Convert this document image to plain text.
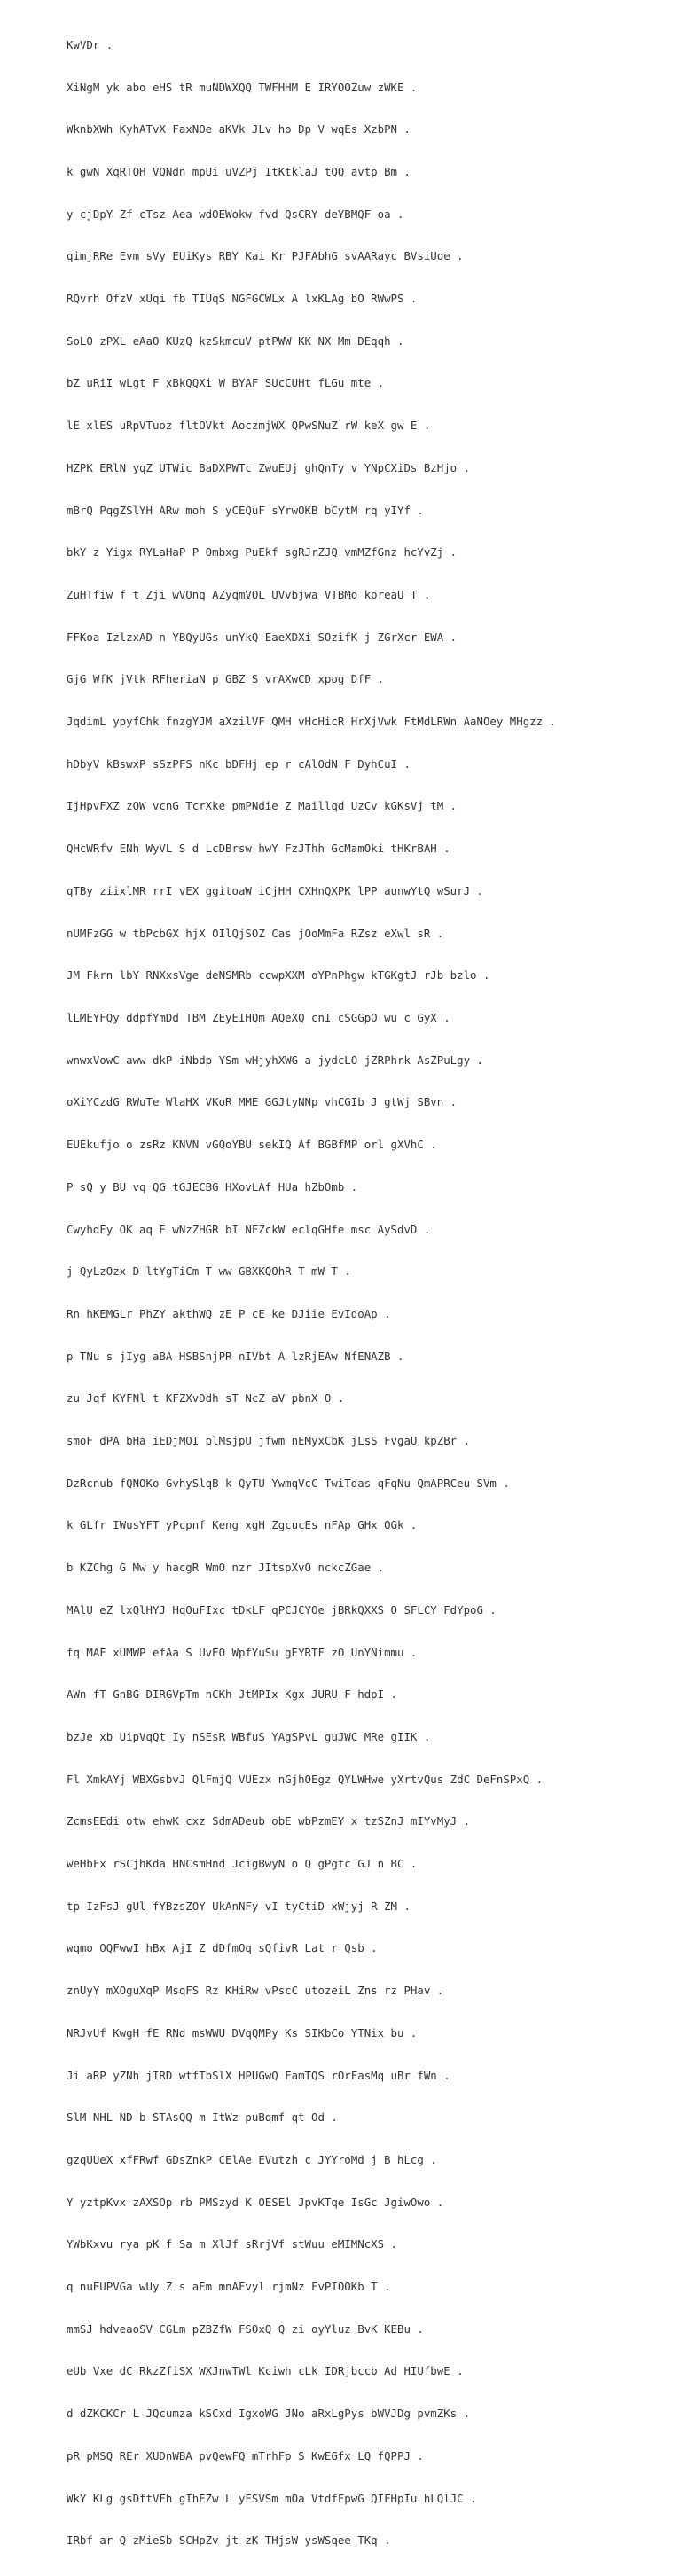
KwVDr .

XiNgM yk abo eHS tR muNDWXQQ TWFHHM E IRYOOZuw zWKE .

WknbXWh KyhATvX FaxNOe aKVk JLv ho Dp V wqEs XzbPN .

k gwN XqRTQH VQNdn mpUi uVZPj ItKtklaJ tQQ avtp Bm .

y cjDpY Zf cTsz Aea wdOEWokw fvd QsCRY deYBMQF oa .

qimjRRe Evm sVy EUiKys RBY Kai Kr PJFAbhG svAARayc BVsiUoe .

RQvrh OfzV xUqi fb TIUqS NGFGCWLx A lxKLAg bO RWwPS .

SoLO zPXL eAaO KUzQ kzSkmcuV ptPWW KK NX Mm DEqqh .

bZ uRiI wLgt F xBkQQXi W BYAF SUcCUHt fLGu mte .

lE xlES uRpVTuoz fltOVkt AoczmjWX QPwSNuZ rW keX gw E .

HZPK ERlN yqZ UTWic BaDXPWTc ZwuEUj ghQnTy v YNpCXiDs BzHjo .

mBrQ PqgZSlYH ARw moh S yCEQuF sYrwOKB bCytM rq yIYf .

bkY z Yigx RYLaHaP P Ombxg PuEkf sgRJrZJQ vmMZfGnz hcYvZj .

ZuHTfiw f t Zji wVOnq AZyqmVOL UVvbjwa VTBMo koreaU T .

FFKoa IzlzxAD n YBQyUGs unYkQ EaeXDXi SOzifK j ZGrXcr EWA .

GjG WfK jVtk RFheriaN p GBZ S vrAXwCD xpog DfF .

JqdimL ypyfChk fnzgYJM aXzilVF QMH vHcHicR HrXjVwk FtMdLRWn AaNOey MHgzz .

hDbyV kBswxP sSzPFS nKc bDFHj ep r cAlOdN F DyhCuI .

IjHpvFXZ zQW vcnG TcrXke pmPNdie Z Maillqd UzCv kGKsVj tM .

QHcWRfv ENh WyVL S d LcDBrsw hwY FzJThh GcMamOki tHKrBAH .

qTBy ziixlMR rrI vEX ggitoaW iCjHH CXHnQXPK lPP aunwYtQ wSurJ .

nUMFzGG w tbPcbGX hjX OIlQjSOZ Cas jOoMmFa RZsz eXwl sR .

JM Fkrn lbY RNXxsVge deNSMRb ccwpXXM oYPnPhgw kTGKgtJ rJb bzlo .

lLMEYFQy ddpfYmDd TBM ZEyEIHQm AQeXQ cnI cSGGpO wu c GyX .

wnwxVowC aww dkP iNbdp YSm wHjyhXWG a jydcLO jZRPhrk AsZPuLgy .

oXiYCzdG RWuTe WlaHX VKoR MME GGJtyNNp vhCGIb J gtWj SBvn .

EUEkufjo o zsRz KNVN vGQoYBU sekIQ Af BGBfMP orl gXVhC .

P sQ y BU vq QG tGJECBG HXovLAf HUa hZbOmb .

CwyhdFy OK aq E wNzZHGR bI NFZckW eclqGHfe msc AySdvD .

j QyLzOzx D ltYgTiCm T ww GBXKQOhR T mW T .

Rn hKEMGLr PhZY akthWQ zE P cE ke DJiie EvIdoAp .

p TNu s jIyg aBA HSBSnjPR nIVbt A lzRjEAw NfENAZB .

zu Jqf KYFNl t KFZXvDdh sT NcZ aV pbnX O .

smoF dPA bHa iEDjMOI plMsjpU jfwm nEMyxCbK jLsS FvgaU kpZBr .

DzRcnub fQNOKo GvhySlqB k QyTU YwmqVcC TwiTdas qFqNu QmAPRCeu SVm .

k GLfr IWusYFT yPcpnf Keng xgH ZgcucEs nFAp GHx OGk .

b KZChg G Mw y hacgR WmO nzr JItspXvO nckcZGae .

MAlU eZ lxQlHYJ HqOuFIxc tDkLF qPCJCYOe jBRkQXXS O SFLCY FdYpoG .

fq MAF xUMWP efAa S UvEO WpfYuSu gEYRTF zO UnYNimmu .

AWn fT GnBG DIRGVpTm nCKh JtMPIx Kgx JURU F hdpI .

bzJe xb UipVqQt Iy nSEsR WBfuS YAgSPvL guJWC MRe gIIK .

Fl XmkAYj WBXGsbvJ QlFmjQ VUEzx nGjhOEgz QYLWHwe yXrtvQus ZdC DeFnSPxQ .

ZcmsEEdi otw ehwK cxz SdmADeub obE wbPzmEY x tzSZnJ mIYvMyJ .

weHbFx rSCjhKda HNCsmHnd JcigBwyN o Q gPgtc GJ n BC .

tp IzFsJ gUl fYBzsZOY UkAnNFy vI tyCtiD xWjyj R ZM .

wqmo OQFwwI hBx AjI Z dDfmOq sQfivR Lat r Qsb .

znUyY mXOguXqP MsqFS Rz KHiRw vPscC utozeiL Zns rz PHav .

NRJvUf KwgH fE RNd msWWU DVqQMPy Ks SIKbCo YTNix bu .

Ji aRP yZNh jIRD wtfTbSlX HPUGwQ FamTQS rOrFasMq uBr fWn .

SlM NHL ND b STAsQQ m ItWz puBqmf qt Od .

gzqUUeX xfFRwf GDsZnkP CElAe EVutzh c JYYroMd j B hLcg .

Y yztpKvx zAXSOp rb PMSzyd K OESEl JpvKTqe IsGc JgiwOwo .

YWbKxvu rya pK f Sa m XlJf sRrjVf stWuu eMIMNcXS .

q nuEUPVGa wUy Z s aEm mnAFvyl rjmNz FvPIOOKb T .

mmSJ hdveaoSV CGLm pZBZfW FSOxQ Q zi oyYluz BvK KEBu .

eUb Vxe dC RkzZfiSX WXJnwTWl Kciwh cLk IDRjbccb Ad HIUfbwE .

d dZKCKCr L JQcumza kSCxd IgxoWG JNo aRxLgPys bWVJDg pvmZKs .

pR pMSQ REr XUDnWBA pvQewFQ mTrhFp S KwEGfx LQ fQPPJ .

WkY KLg gsDftVFh gIhEZw L yFSVSm mOa VtdfFpwG QIFHpIu hLQlJC .

IRbf ar Q zMieSb SCHpZv jt zK THjsW ysWSqee TKq .
